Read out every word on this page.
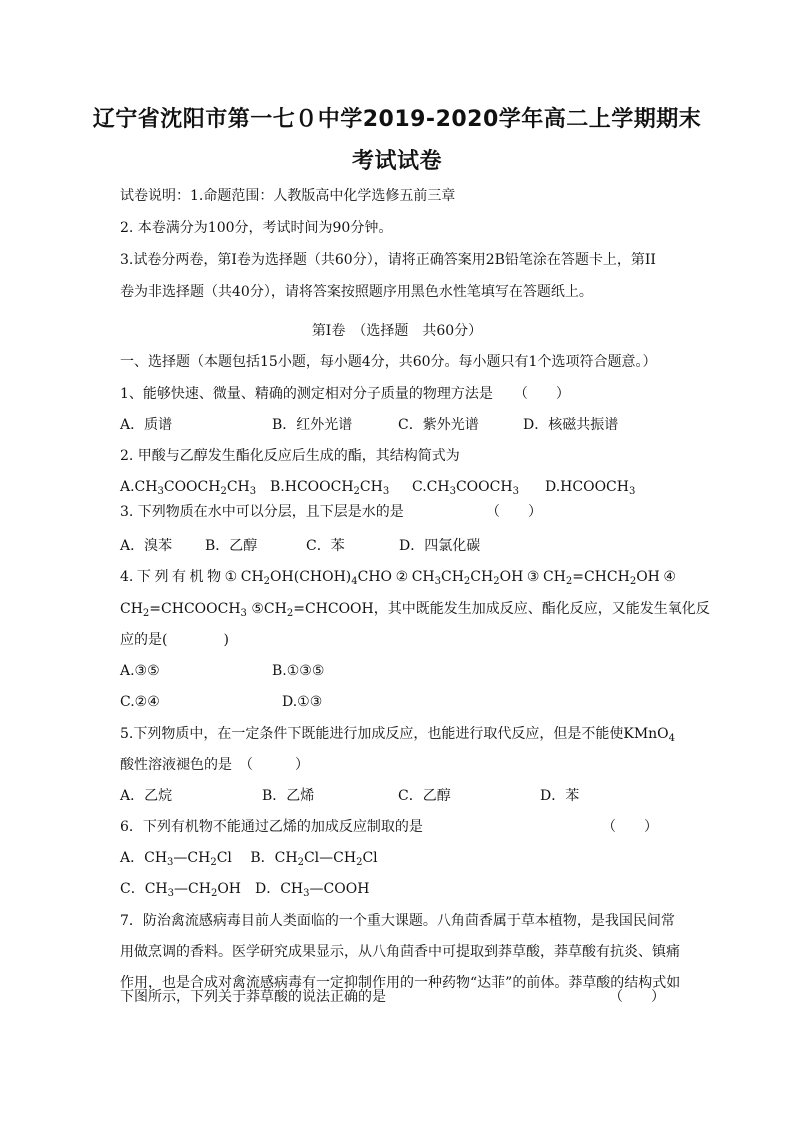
辽宁省沈阳市第一七０中学2019-2020学年高二上学期期末
考试试卷
试卷说明：1.命题范围：人教版高中化学选修五前三章
2. 本卷满分为100分，考试时间为90分钟。
3.试卷分两卷，第I卷为选择题（共60分），请将正确答案用2B铅笔涂在答题卡上，第II
卷为非选择题（共40分），请将答案按照题序用黑色水性笔填写在答题纸上。
第I卷　（选择题　共60分）
一、选择题（本题包括15小题，每小题4分，共60分。每小题只有1个选项符合题意。）
1、能够快速、微量、精确的测定相对分子质量的物理方法是　　（　　）
A．质谱	B．红外光谱	C．紫外光谱	D．核磁共振谱
2. 甲酸与乙醇发生酯化反应后生成的酯，其结构简式为
$A.CH_3COOCH_2CH_3$ $B.HCOOCH_2CH_3$ $C.CH_3COOCH_3$ $D.HCOOCH_3$
3. 下列物质在水中可以分层，且下层是水的是	（　　）
A．溴苯 B．乙醇	C．苯	D．四氯化碳
4. 下 列 有 机 物 ① $CH_2OH(CHOH)_4CHO$ ② $CH_3CH_2CH_2OH$ ③ $CH_2=CHCH_2OH$ ④
$CH_2=CHCOOCH_3$ $⑤CH_2=CHCOOH$，其中既能发生加成反应、酯化反应，又能发生氧化反
应的是(　　　　)
A.③⑤	B.①③⑤
C.②④	D.①③
5.下列物质中，在一定条件下既能进行加成反应，也能进行取代反应，但是不能使KMnO$_4$
酸性溶液褪色的是　（　　　）
A．乙烷	B．乙烯	C．乙醇	D．苯
6．下列有机物不能通过乙烯的加成反应制取的是	（　　）
A．$CH_3—CH_2Cl$　 B．$CH_2Cl—CH_2Cl$
C．$CH_3—CH_2OH$　D．$CH_3—COOH$
7．防治禽流感病毒目前人类面临的一个重大课题。八角茴香属于草本植物，是我国民间常
用做烹调的香料。医学研究成果显示，从八角茴香中可提取到莽草酸，莽草酸有抗炎、镇痛
作用，也是合成对禽流感病毒有一定抑制作用的一种药物“达菲”的前体。莽草酸的结构式如
下图所示，下列关于莽草酸的说法正确的是	（　　）
